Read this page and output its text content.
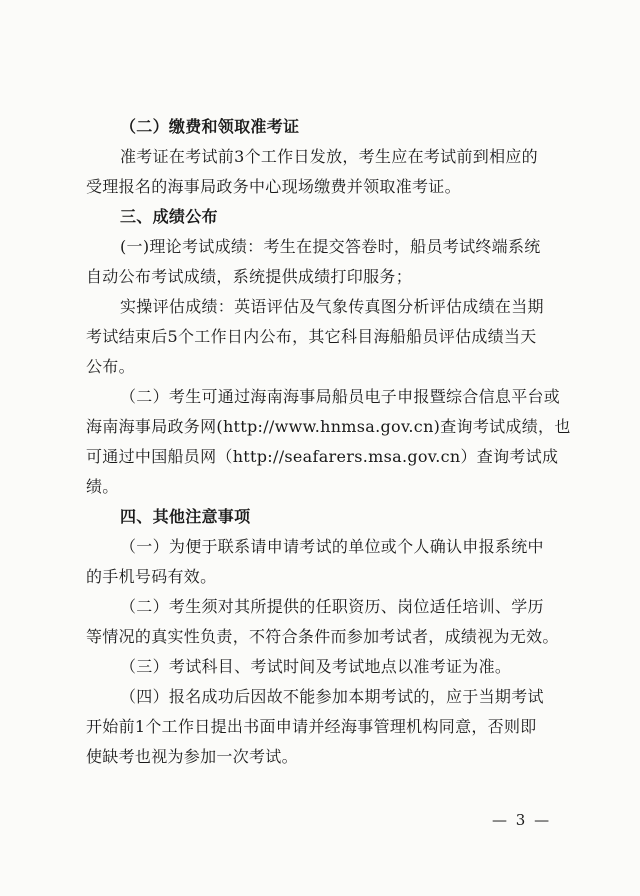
（二）缴费和领取准考证
准考证在考试前3个工作日发放，考生应在考试前到相应的
受理报名的海事局政务中心现场缴费并领取准考证。
三、成绩公布
(一)理论考试成绩：考生在提交答卷时，船员考试终端系统
自动公布考试成绩，系统提供成绩打印服务；
实操评估成绩：英语评估及气象传真图分析评估成绩在当期
考试结束后5个工作日内公布，其它科目海船船员评估成绩当天
公布。
（二）考生可通过海南海事局船员电子申报暨综合信息平台或
海南海事局政务网(http://www.hnmsa.gov.cn)查询考试成绩，也
可通过中国船员网（http://seafarers.msa.gov.cn）查询考试成
绩。
四、其他注意事项
（一）为便于联系请申请考试的单位或个人确认申报系统中
的手机号码有效。
（二）考生须对其所提供的任职资历、岗位适任培训、学历
等情况的真实性负责，不符合条件而参加考试者，成绩视为无效。
（三）考试科目、考试时间及考试地点以准考证为准。
（四）报名成功后因故不能参加本期考试的，应于当期考试
开始前1个工作日提出书面申请并经海事管理机构同意，否则即
使缺考也视为参加一次考试。
— 3 —
